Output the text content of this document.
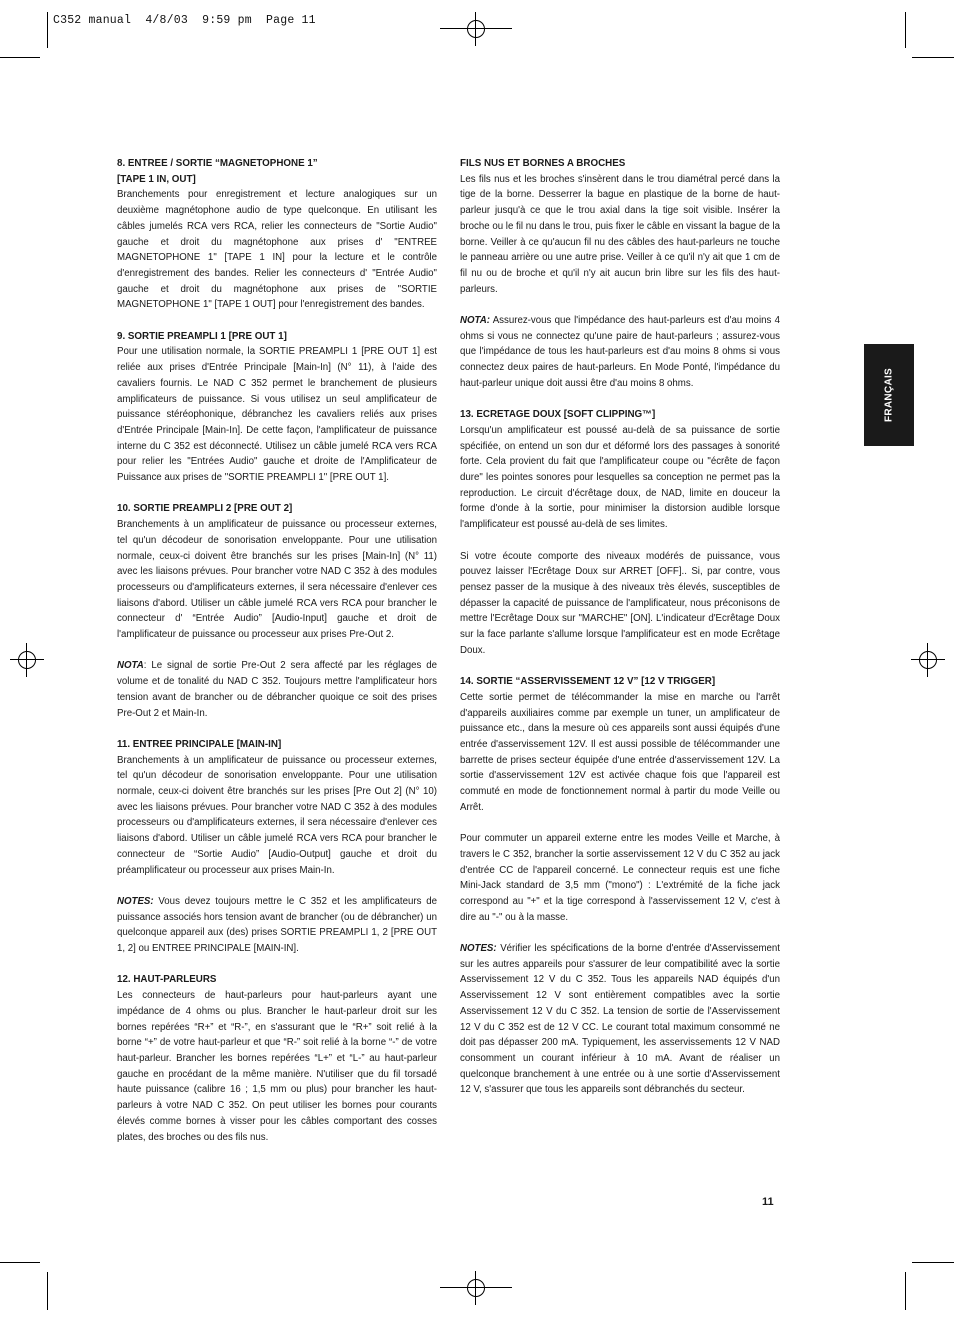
C352 manual  4/8/03  9:59 pm  Page 11
FRANÇAIS
8. ENTREE / SORTIE “MAGNETOPHONE 1”
[TAPE 1 IN, OUT]

Branchements pour enregistrement et lecture analogiques sur un deuxième magnétophone audio de type quelconque. En utilisant les câbles jumelés RCA vers RCA, relier les connecteurs de "Sortie Audio" gauche et droit du magnétophone aux prises d' "ENTREE MAGNETOPHONE 1" [TAPE 1 IN] pour la lecture et le contrôle d'enregistrement des bandes. Relier les connecteurs d' "Entrée Audio" gauche et droit du magnétophone aux prises de "SORTIE MAGNETOPHONE 1" [TAPE 1 OUT] pour l'enregistrement des bandes.

9. SORTIE PREAMPLI 1 [PRE OUT 1]

Pour une utilisation normale, la SORTIE PREAMPLI 1 [PRE OUT 1] est reliée aux prises d'Entrée Principale [Main-In] (N° 11), à l'aide des cavaliers fournis. Le NAD C 352 permet le branchement de plusieurs amplificateurs de puissance. Si vous utilisez un seul amplificateur de puissance stéréophonique, débranchez les cavaliers reliés aux prises d'Entrée Principale [Main-In]. De cette façon, l'amplificateur de puissance interne du C 352 est déconnecté. Utilisez un câble jumelé RCA vers RCA pour relier les "Entrées Audio" gauche et droite de l'Amplificateur de Puissance aux prises de "SORTIE PREAMPLI 1" [PRE OUT 1].

10. SORTIE PREAMPLI 2 [PRE OUT 2]

Branchements à un amplificateur de puissance ou processeur externes, tel qu'un décodeur de sonorisation enveloppante. Pour une utilisation normale, ceux-ci doivent être branchés sur les prises [Main-In] (N° 11) avec les liaisons prévues. Pour brancher votre NAD C 352 à des modules processeurs ou d'amplificateurs externes, il sera nécessaire d'enlever ces liaisons d'abord. Utiliser un câble jumelé RCA vers RCA pour brancher le connecteur d' “Entrée Audio” [Audio-Input] gauche et droit de l'amplificateur de puissance ou processeur aux prises Pre-Out 2.

NOTA: Le signal de sortie Pre-Out 2 sera affecté par les réglages de volume et de tonalité du NAD C 352. Toujours mettre l'amplificateur hors tension avant de brancher ou de débrancher quoique ce soit des prises Pre-Out 2 et Main-In.

11. ENTREE PRINCIPALE [MAIN-IN]

Branchements à un amplificateur de puissance ou processeur externes, tel qu'un décodeur de sonorisation enveloppante. Pour une utilisation normale, ceux-ci doivent être branchés sur les prises [Pre Out 2] (N° 10) avec les liaisons prévues. Pour brancher votre NAD C 352 à des modules processeurs ou d'amplificateurs externes, il sera nécessaire d'enlever ces liaisons d'abord. Utiliser un câble jumelé RCA vers RCA pour brancher le connecteur de “Sortie Audio” [Audio-Output] gauche et droit du préamplificateur ou processeur aux prises Main-In.

NOTES: Vous devez toujours mettre le C 352 et les amplificateurs de puissance associés hors tension avant de brancher (ou de débrancher) un quelconque appareil aux (des) prises SORTIE PREAMPLI 1, 2 [PRE OUT 1, 2] ou ENTREE PRINCIPALE [MAIN-IN].

12. HAUT-PARLEURS

Les connecteurs de haut-parleurs pour haut-parleurs ayant une impédance de 4 ohms ou plus. Brancher le haut-parleur droit sur les bornes repérées “R+” et “R-”, en s'assurant que le “R+” soit relié à la borne “+” de votre haut-parleur et que “R-” soit relié à la borne “-” de votre haut-parleur. Brancher les bornes repérées “L+” et “L-” au haut-parleur gauche en procédant de la même manière. N'utiliser que du fil torsadé haute puissance (calibre 16 ; 1,5 mm ou plus) pour brancher les haut-parleurs à votre NAD C 352. On peut utiliser les bornes pour courants élevés comme bornes à visser pour les câbles comportant des cosses plates, des broches ou des fils nus.

FILS NUS ET BORNES A BROCHES

Les fils nus et les broches s'insèrent dans le trou diamétral percé dans la tige de la borne. Desserrer la bague en plastique de la borne de haut-parleur jusqu'à ce que le trou axial dans la tige soit visible. Insérer la broche ou le fil nu dans le trou, puis fixer le câble en vissant la bague de la borne. Veiller à ce qu'aucun fil nu des câbles des haut-parleurs ne touche le panneau arrière ou une autre prise. Veiller à ce qu'il n'y ait que 1 cm de fil nu ou de broche et qu'il n'y ait aucun brin libre sur les fils des haut-parleurs.

NOTA: Assurez-vous que l'impédance des haut-parleurs est d'au moins 4 ohms si vous ne connectez qu'une paire de haut-parleurs ; assurez-vous que l'impédance de tous les haut-parleurs est d'au moins 8 ohms si vous connectez deux paires de haut-parleurs. En Mode Ponté, l'impédance du haut-parleur unique doit aussi être d'au moins 8 ohms.

13. ECRETAGE DOUX [SOFT CLIPPING™]

Lorsqu'un amplificateur est poussé au-delà de sa puissance de sortie spécifiée, on entend un son dur et déformé lors des passages à sonorité forte. Cela provient du fait que l'amplificateur coupe ou "écrête de façon dure" les pointes sonores pour lesquelles sa conception ne permet pas la reproduction. Le circuit d'écrêtage doux, de NAD, limite en douceur la forme d'onde à la sortie, pour minimiser la distorsion audible lorsque l'amplificateur est poussé au-delà de ses limites.

Si votre écoute comporte des niveaux modérés de puissance, vous pouvez laisser l'Ecrêtage Doux sur ARRET [OFF].. Si, par contre, vous pensez passer de la musique à des niveaux très élevés, susceptibles de dépasser la capacité de puissance de l'amplificateur, nous préconisons de mettre l'Ecrêtage Doux sur "MARCHE" [ON]. L'indicateur d'Ecrêtage Doux sur la face parlante s'allume lorsque l'amplificateur est en mode Ecrêtage Doux.

14. SORTIE “ASSERVISSEMENT 12 V” [12 V TRIGGER]

Cette sortie permet de télécommander la mise en marche ou l'arrêt d'appareils auxiliaires comme par exemple un tuner, un amplificateur de puissance etc., dans la mesure où ces appareils sont aussi équipés d'une entrée d'asservissement 12V. Il est aussi possible de télécommander une barrette de prises secteur équipée d'une entrée d'asservissement 12V. La sortie d'asservissement 12V est activée chaque fois que l'appareil est commuté en mode de fonctionnement normal à partir du mode Veille ou Arrêt.

Pour commuter un appareil externe entre les modes Veille et Marche, à travers le C 352, brancher la sortie asservissement 12 V du C 352 au jack d'entrée CC de l'appareil concerné. Le connecteur requis est une fiche Mini-Jack standard de 3,5 mm ("mono") : L'extrémité de la fiche jack correspond au "+" et la tige correspond à l'asservissement 12 V, c'est à dire au "-" ou à la masse.

NOTES: Vérifier les spécifications de la borne d'entrée d'Asservissement sur les autres appareils pour s'assurer de leur compatibilité avec la sortie Asservissement 12 V du C 352. Tous les appareils NAD équipés d'un Asservissement 12 V sont entièrement compatibles avec la sortie Asservissement 12 V du C 352. La tension de sortie de l'Asservissement 12 V du C 352 est de 12 V CC. Le courant total maximum consommé ne doit pas dépasser 200 mA. Typiquement, les asservissements 12 V NAD consomment un courant inférieur à 10 mA. Avant de réaliser un quelconque branchement à une entrée ou à une sortie d'Asservissement 12 V, s'assurer que tous les appareils sont débranchés du secteur.

11
